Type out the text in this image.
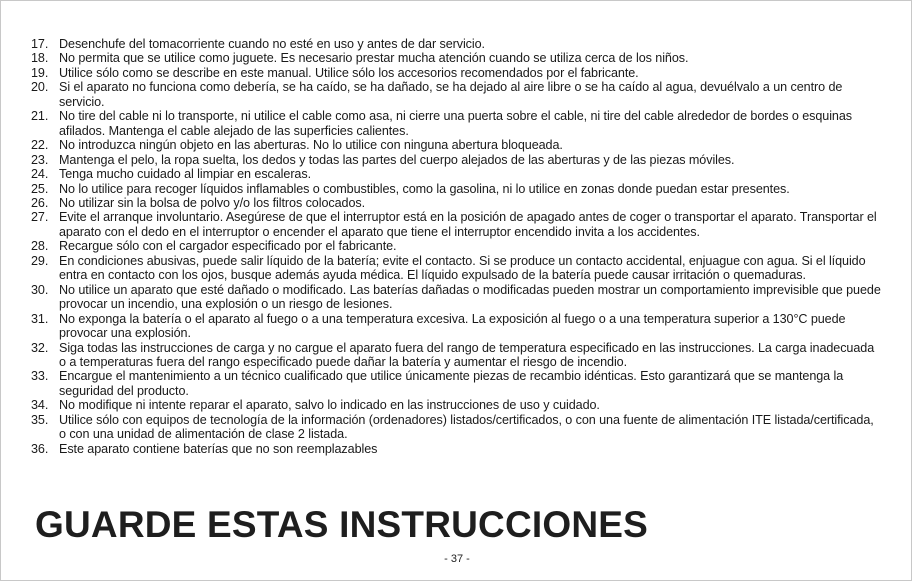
17. Desenchufe del tomacorriente cuando no esté en uso y antes de dar servicio.
18. No permita que se utilice como juguete. Es necesario prestar mucha atención cuando se utiliza cerca de los niños.
19. Utilice sólo como se describe en este manual. Utilice sólo los accesorios recomendados por el fabricante.
20. Si el aparato no funciona como debería, se ha caído, se ha dañado, se ha dejado al aire libre o se ha caído al agua, devuélvalo a un centro de servicio.
21. No tire del cable ni lo transporte, ni utilice el cable como asa, ni cierre una puerta sobre el cable, ni tire del cable alrededor de bordes o esquinas afilados. Mantenga el cable alejado de las superficies calientes.
22. No introduzca ningún objeto en las aberturas. No lo utilice con ninguna abertura bloqueada.
23. Mantenga el pelo, la ropa suelta, los dedos y todas las partes del cuerpo alejados de las aberturas y de las piezas móviles.
24. Tenga mucho cuidado al limpiar en escaleras.
25. No lo utilice para recoger líquidos inflamables o combustibles, como la gasolina, ni lo utilice en zonas donde puedan estar presentes.
26. No utilizar sin la bolsa de polvo y/o los filtros colocados.
27. Evite el arranque involuntario. Asegúrese de que el interruptor está en la posición de apagado antes de coger o transportar el aparato. Transportar el aparato con el dedo en el interruptor o encender el aparato que tiene el interruptor encendido invita a los accidentes.
28. Recargue sólo con el cargador especificado por el fabricante.
29. En condiciones abusivas, puede salir líquido de la batería; evite el contacto. Si se produce un contacto accidental, enjuague con agua. Si el líquido entra en contacto con los ojos, busque además ayuda médica. El líquido expulsado de la batería puede causar irritación o quemaduras.
30. No utilice un aparato que esté dañado o modificado. Las baterías dañadas o modificadas pueden mostrar un comportamiento imprevisible que puede provocar un incendio, una explosión o un riesgo de lesiones.
31. No exponga la batería o el aparato al fuego o a una temperatura excesiva. La exposición al fuego o a una temperatura superior a 130°C puede provocar una explosión.
32. Siga todas las instrucciones de carga y no cargue el aparato fuera del rango de temperatura especificado en las instrucciones. La carga inadecuada o a temperaturas fuera del rango especificado puede dañar la batería y aumentar el riesgo de incendio.
33. Encargue el mantenimiento a un técnico cualificado que utilice únicamente piezas de recambio idénticas. Esto garantizará que se mantenga la seguridad del producto.
34. No modifique ni intente reparar el aparato, salvo lo indicado en las instrucciones de uso y cuidado.
35. Utilice sólo con equipos de tecnología de la información (ordenadores) listados/certificados, o con una fuente de alimentación ITE listada/certificada, o con una unidad de alimentación de clase 2 listada.
36. Este aparato contiene baterías que no son reemplazables
GUARDE ESTAS INSTRUCCIONES
- 37 -
